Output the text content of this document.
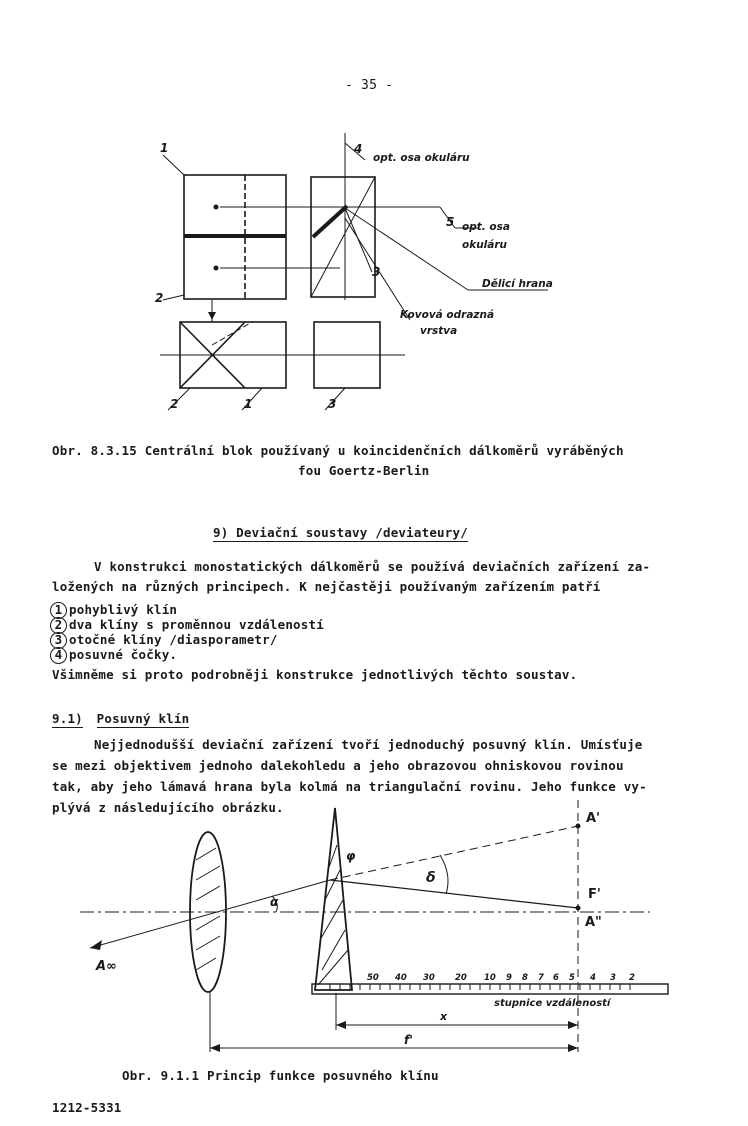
- 35 -
1
2
4
5
3
2	1	3
opt. osa okuláru
opt. osa
okuláru
Dělicí hrana
Kovová odrazná
vrstva
Obr. 8.3.15 Centrální blok používaný u koincidenčních dálkoměrů vyráběných
fou Goertz-Berlin
9) Deviační soustavy /deviateury/
V konstrukci monostatických dálkoměrů se používá deviačních zařízení za-
ložených na různých principech. K nejčastěji používaným zařízením patří
1 pohyblivý klín
2 dva klíny s proměnnou vzdáleností
3 otočné klíny /diasporametr/
4 posuvné čočky.
Všimněme si proto podrobněji konstrukce jednotlivých těchto soustav.
9.1) Posuvný klín
Nejjednodušší deviační zařízení tvoří jednoduchý posuvný klín. Umísťuje
se mezi objektivem jednoho dalekohledu a jeho obrazovou ohniskovou rovinou
tak, aby jeho lámavá hrana byla kolmá na triangulační rovinu. Jeho funkce vy-
plývá z následujícího obrázku.
A'
F'
A"
A∞
φ
α
δ
x
f'
stupnice vzdáleností
50 40 30 20 10 9 8 7 6 5 4 3 2
Obr. 9.1.1 Princip funkce posuvného klínu
1212-5331
